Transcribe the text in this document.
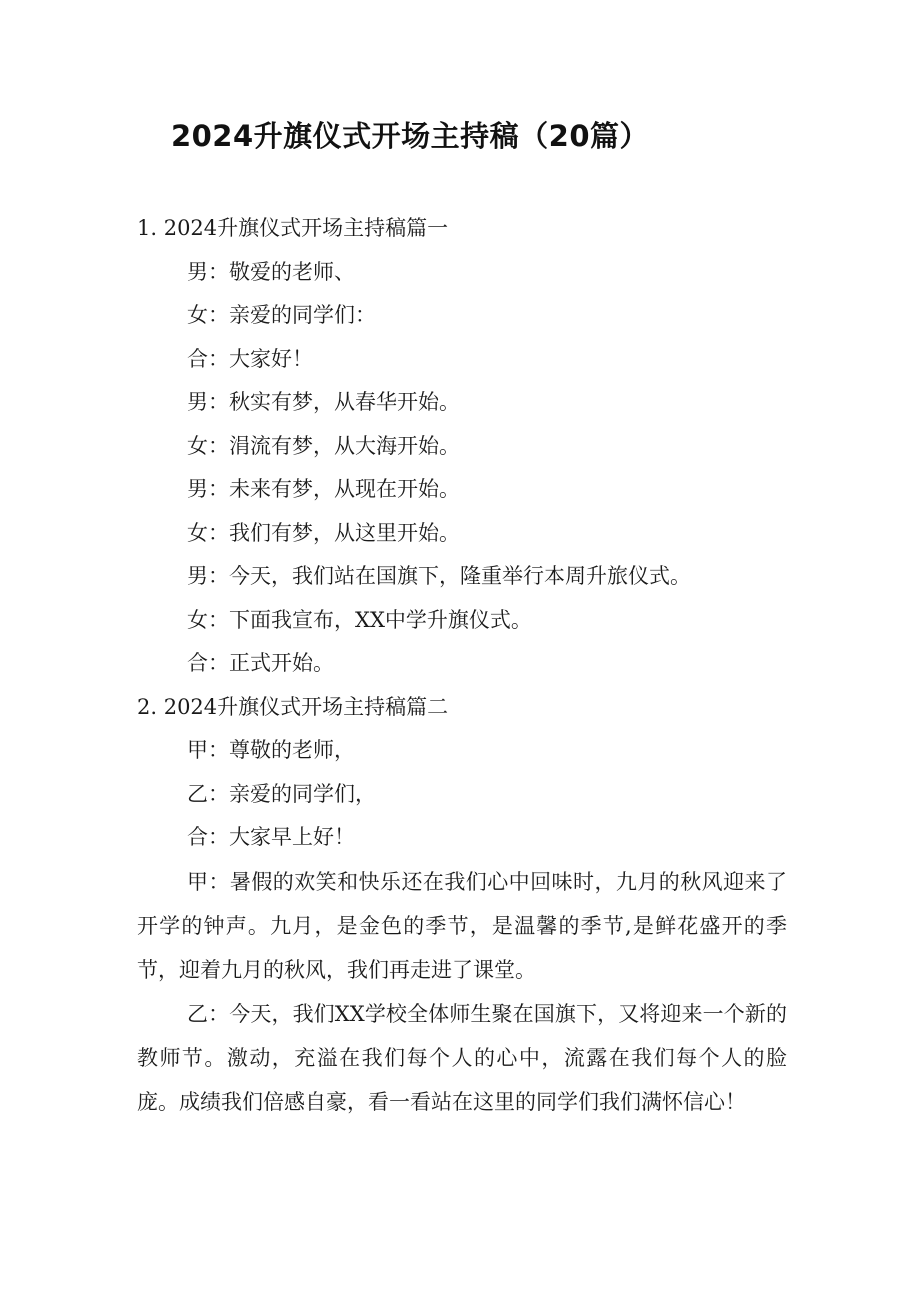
2024升旗仪式开场主持稿（20篇）

1. 2024升旗仪式开场主持稿篇一

男：敬爱的老师、

女：亲爱的同学们：

合：大家好！

男：秋实有梦，从春华开始。

女：涓流有梦，从大海开始。

男：未来有梦，从现在开始。

女：我们有梦，从这里开始。

男：今天，我们站在国旗下，隆重举行本周升旅仪式。

女：下面我宣布，XX中学升旗仪式。

合：正式开始。

2. 2024升旗仪式开场主持稿篇二

甲：尊敬的老师，

乙：亲爱的同学们，

合：大家早上好！

甲：暑假的欢笑和快乐还在我们心中回味时，九月的秋风迎来了开学的钟声。九月，是金色的季节，是温馨的季节,是鲜花盛开的季节，迎着九月的秋风，我们再走进了课堂。

乙：今天，我们XX学校全体师生聚在国旗下，又将迎来一个新的教师节。激动，充溢在我们每个人的心中，流露在我们每个人的脸庞。成绩我们倍感自豪，看一看站在这里的同学们我们满怀信心！
